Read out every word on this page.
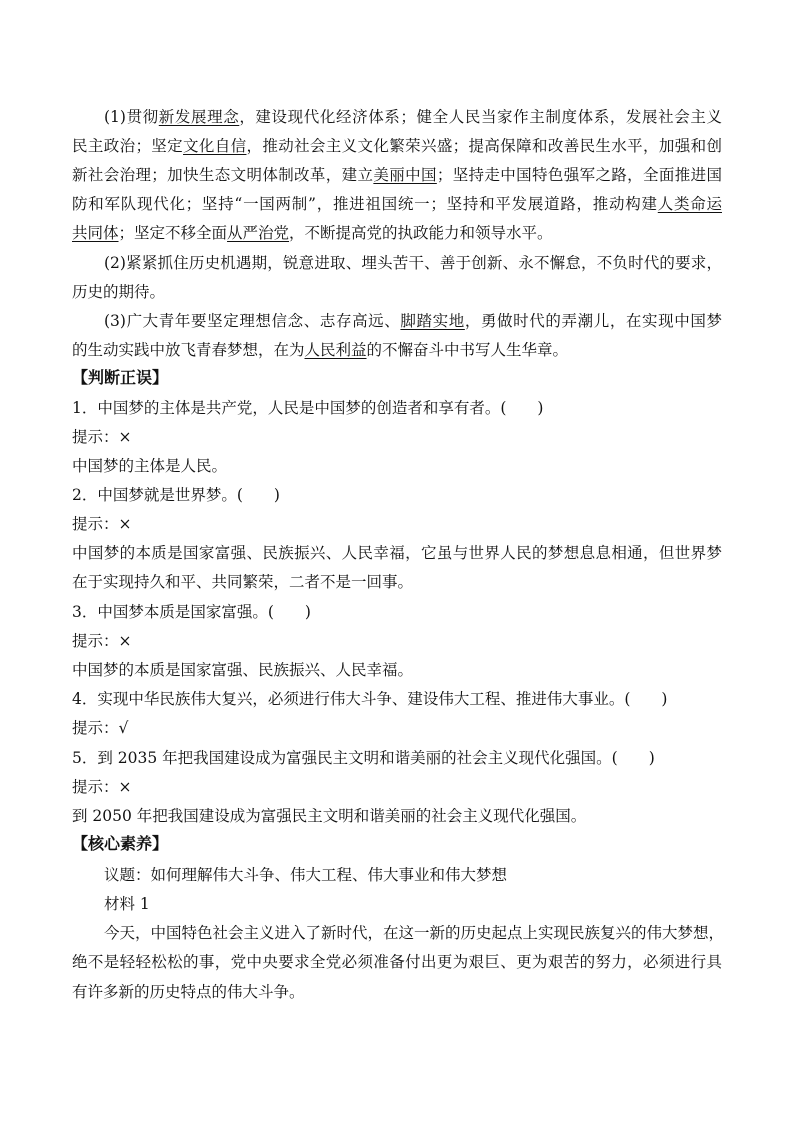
(1)贯彻新发展理念，建设现代化经济体系；健全人民当家作主制度体系，发展社会主义
民主政治；坚定文化自信，推动社会主义文化繁荣兴盛；提高保障和改善民生水平，加强和创
新社会治理；加快生态文明体制改革，建立美丽中国；坚持走中国特色强军之路，全面推进国
防和军队现代化；坚持“一国两制”，推进祖国统一；坚持和平发展道路，推动构建人类命运
共同体；坚定不移全面从严治党，不断提高党的执政能力和领导水平。
(2)紧紧抓住历史机遇期，锐意进取、埋头苦干、善于创新、永不懈怠，不负时代的要求，
历史的期待。
(3)广大青年要坚定理想信念、志存高远、脚踏实地，勇做时代的弄潮儿，在实现中国梦
的生动实践中放飞青春梦想，在为人民利益的不懈奋斗中书写人生华章。
【判断正误】
1．中国梦的主体是共产党，人民是中国梦的创造者和享有者。(　　)
提示：×
中国梦的主体是人民。
2．中国梦就是世界梦。(　　)
提示：×
中国梦的本质是国家富强、民族振兴、人民幸福，它虽与世界人民的梦想息息相通，但世界梦
在于实现持久和平、共同繁荣，二者不是一回事。
3．中国梦本质是国家富强。(　　)
提示：×
中国梦的本质是国家富强、民族振兴、人民幸福。
4．实现中华民族伟大复兴，必须进行伟大斗争、建设伟大工程、推进伟大事业。(　　)
提示：√
5．到 2035 年把我国建设成为富强民主文明和谐美丽的社会主义现代化强国。(　　)
提示：×
到 2050 年把我国建设成为富强民主文明和谐美丽的社会主义现代化强国。
【核心素养】
议题：如何理解伟大斗争、伟大工程、伟大事业和伟大梦想
材料 1
今天，中国特色社会主义进入了新时代，在这一新的历史起点上实现民族复兴的伟大梦想，
绝不是轻轻松松的事，党中央要求全党必须准备付出更为艰巨、更为艰苦的努力，必须进行具
有许多新的历史特点的伟大斗争。
